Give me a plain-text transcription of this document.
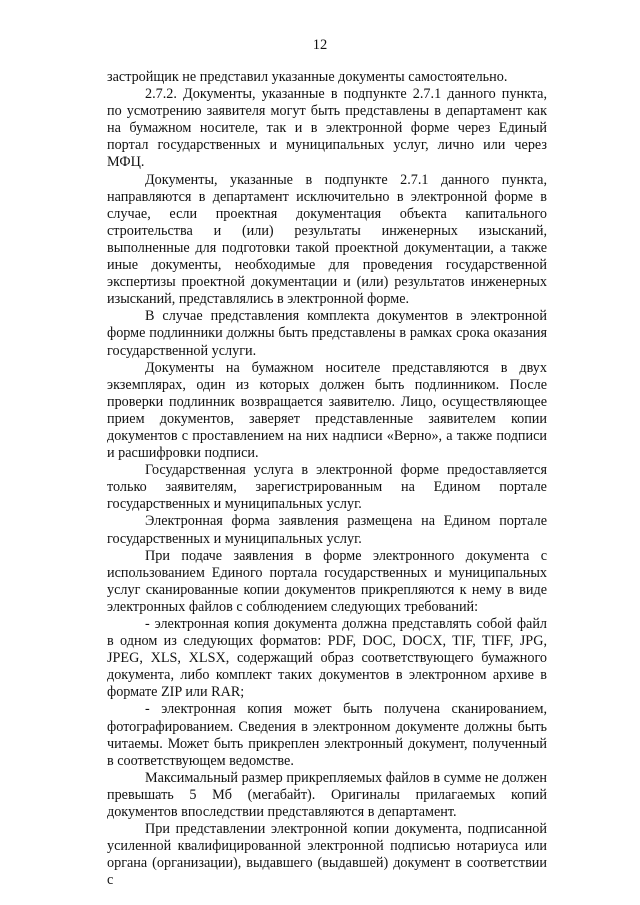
12

застройщик не представил указанные документы самостоятельно.

2.7.2. Документы, указанные в подпункте 2.7.1 данного пункта, по усмотрению заявителя могут быть представлены в департамент как на бумажном носителе, так и в электронной форме через Единый портал государственных и муниципальных услуг, лично или через МФЦ.

Документы, указанные в подпункте 2.7.1 данного пункта, направляются в департамент исключительно в электронной форме в случае, если проектная документация объекта капитального строительства и (или) результаты инженерных изысканий, выполненные для подготовки такой проектной документации, а также иные документы, необходимые для проведения государственной экспертизы проектной документации и (или) результатов инженерных изысканий, представлялись в электронной форме.

В случае представления комплекта документов в электронной форме подлинники должны быть представлены в рамках срока оказания государственной услуги.

Документы на бумажном носителе представляются в двух экземплярах, один из которых должен быть подлинником. После проверки подлинник возвращается заявителю. Лицо, осуществляющее прием документов, заверяет представленные заявителем копии документов с проставлением на них надписи «Верно», а также подписи и расшифровки подписи.

Государственная услуга в электронной форме предоставляется только заявителям, зарегистрированным на Едином портале государственных и муниципальных услуг.

Электронная форма заявления размещена на Едином портале государственных и муниципальных услуг.

При подаче заявления в форме электронного документа с использованием Единого портала государственных и муниципальных услуг сканированные копии документов прикрепляются к нему в виде электронных файлов с соблюдением следующих требований:

- электронная копия документа должна представлять собой файл в одном из следующих форматов: PDF, DOC, DOCX, TIF, TIFF, JPG, JPEG, XLS, XLSX, содержащий образ соответствующего бумажного документа, либо комплект таких документов в электронном архиве в формате ZIP или RAR;

- электронная копия может быть получена сканированием, фотографированием. Сведения в электронном документе должны быть читаемы. Может быть прикреплен электронный документ, полученный в соответствующем ведомстве.

Максимальный размер прикрепляемых файлов в сумме не должен превышать 5 Мб (мегабайт). Оригиналы прилагаемых копий документов впоследствии представляются в департамент.

При представлении электронной копии документа, подписанной усиленной квалифицированной электронной подписью нотариуса или органа (организации), выдавшего (выдавшей) документ в соответствии с
